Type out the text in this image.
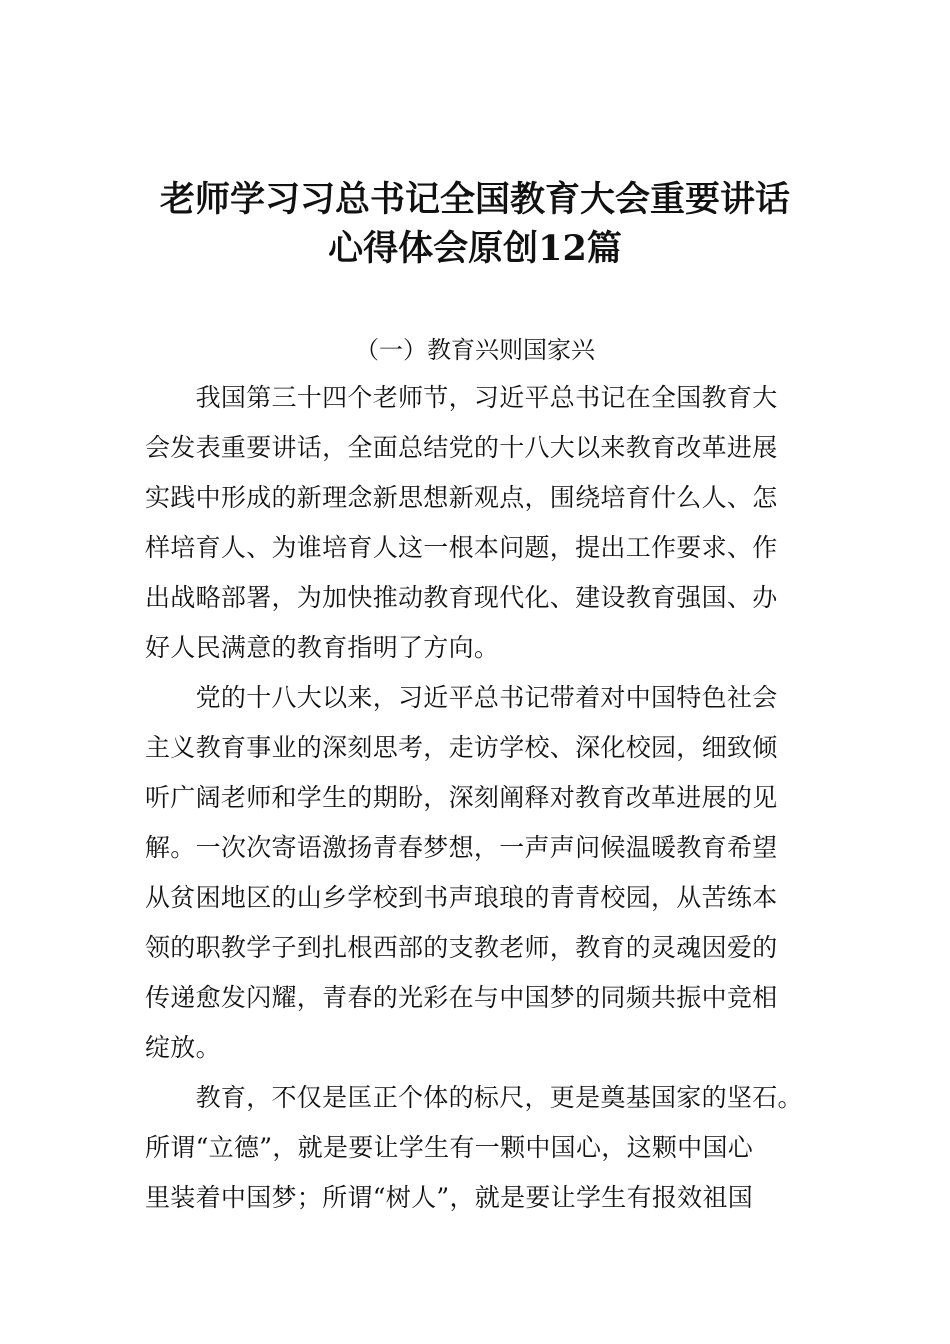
老师学习习总书记全国教育大会重要讲话
心得体会原创12篇
（一）教育兴则国家兴
　　我国第三十四个老师节，习近平总书记在全国教育大
会发表重要讲话，全面总结党的十八大以来教育改革进展
实践中形成的新理念新思想新观点，围绕培育什么人、怎
样培育人、为谁培育人这一根本问题，提出工作要求、作
出战略部署，为加快推动教育现代化、建设教育强国、办
好人民满意的教育指明了方向。
　　党的十八大以来，习近平总书记带着对中国特色社会
主义教育事业的深刻思考，走访学校、深化校园，细致倾
听广阔老师和学生的期盼，深刻阐释对教育改革进展的见
解。一次次寄语激扬青春梦想，一声声问候温暖教育希望
从贫困地区的山乡学校到书声琅琅的青青校园，从苦练本
领的职教学子到扎根西部的支教老师，教育的灵魂因爱的
传递愈发闪耀，青春的光彩在与中国梦的同频共振中竞相
绽放。
　　教育，不仅是匡正个体的标尺，更是奠基国家的坚石。
所谓“立德”，就是要让学生有一颗中国心，这颗中国心
里装着中国梦；所谓“树人”，就是要让学生有报效祖国
